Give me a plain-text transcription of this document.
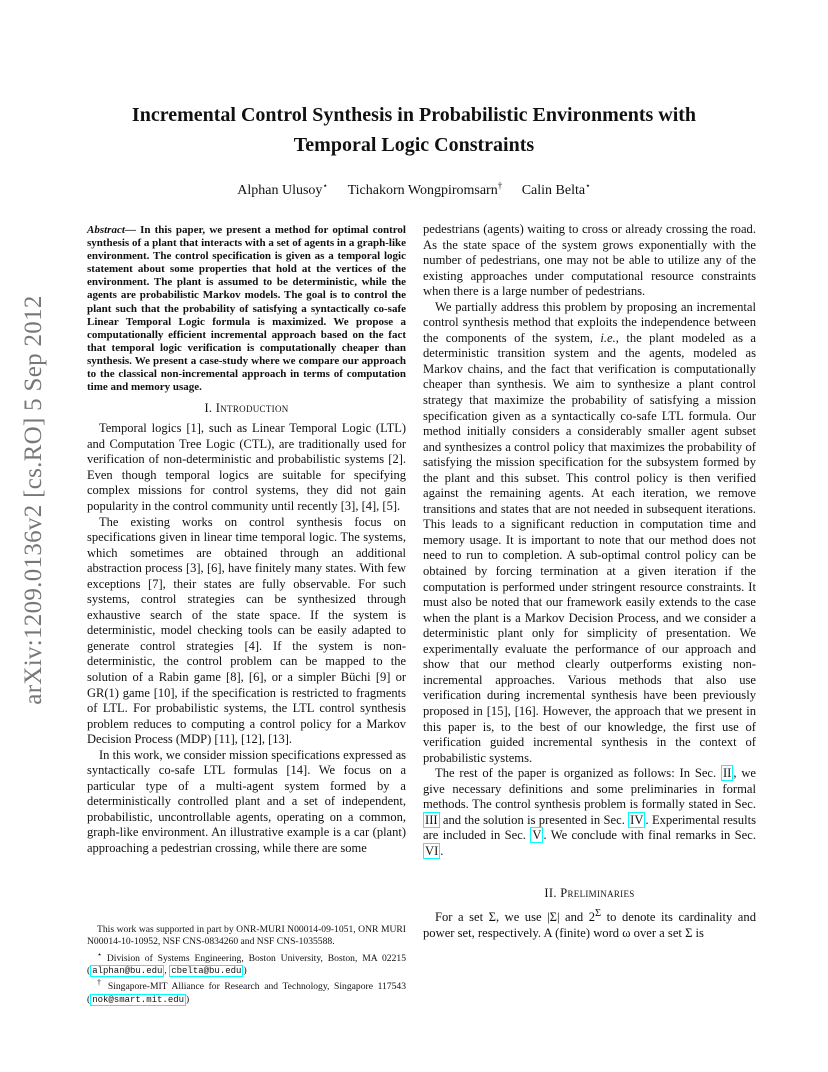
arXiv:1209.0136v2 [cs.RO] 5 Sep 2012
Incremental Control Synthesis in Probabilistic Environments with
Temporal Logic Constraints
Alphan Ulusoy⋆ Tichakorn Wongpiromsarn† Calin Belta⋆

Abstract— In this paper, we present a method for optimal control synthesis of a plant that interacts with a set of agents in a graph-like environment. The control specification is given as a temporal logic statement about some properties that hold at the vertices of the environment. The plant is assumed to be deterministic, while the agents are probabilistic Markov models. The goal is to control the plant such that the probability of satisfying a syntactically co-safe Linear Temporal Logic formula is maximized. We propose a computationally efficient incremental approach based on the fact that temporal logic verification is computationally cheaper than synthesis. We present a case-study where we compare our approach to the classical non-incremental approach in terms of computation time and memory usage.

I. Introduction

Temporal logics [1], such as Linear Temporal Logic (LTL) and Computation Tree Logic (CTL), are traditionally used for verification of non-deterministic and probabilistic systems [2]. Even though temporal logics are suitable for specifying complex missions for control systems, they did not gain popularity in the control community until recently [3], [4], [5].

The existing works on control synthesis focus on specifications given in linear time temporal logic. The systems, which sometimes are obtained through an additional abstraction process [3], [6], have finitely many states. With few exceptions [7], their states are fully observable. For such systems, control strategies can be synthesized through exhaustive search of the state space. If the system is deterministic, model checking tools can be easily adapted to generate control strategies [4]. If the system is non-deterministic, the control problem can be mapped to the solution of a Rabin game [8], [6], or a simpler Büchi [9] or GR(1) game [10], if the specification is restricted to fragments of LTL. For probabilistic systems, the LTL control synthesis problem reduces to computing a control policy for a Markov Decision Process (MDP) [11], [12], [13].

In this work, we consider mission specifications expressed as syntactically co-safe LTL formulas [14]. We focus on a particular type of a multi-agent system formed by a deterministically controlled plant and a set of independent, probabilistic, uncontrollable agents, operating on a common, graph-like environment. An illustrative example is a car (plant) approaching a pedestrian crossing, while there are some

pedestrians (agents) waiting to cross or already crossing the road. As the state space of the system grows exponentially with the number of pedestrians, one may not be able to utilize any of the existing approaches under computational resource constraints when there is a large number of pedestrians.

We partially address this problem by proposing an incremental control synthesis method that exploits the independence between the components of the system, i.e., the plant modeled as a deterministic transition system and the agents, modeled as Markov chains, and the fact that verification is computationally cheaper than synthesis. We aim to synthesize a plant control strategy that maximize the probability of satisfying a mission specification given as a syntactically co-safe LTL formula. Our method initially considers a considerably smaller agent subset and synthesizes a control policy that maximizes the probability of satisfying the mission specification for the subsystem formed by the plant and this subset. This control policy is then verified against the remaining agents. At each iteration, we remove transitions and states that are not needed in subsequent iterations. This leads to a significant reduction in computation time and memory usage. It is important to note that our method does not need to run to completion. A sub-optimal control policy can be obtained by forcing termination at a given iteration if the computation is performed under stringent resource constraints. It must also be noted that our framework easily extends to the case when the plant is a Markov Decision Process, and we consider a deterministic plant only for simplicity of presentation. We experimentally evaluate the performance of our approach and show that our method clearly outperforms existing non-incremental approaches. Various methods that also use verification during incremental synthesis have been previously proposed in [15], [16]. However, the approach that we present in this paper is, to the best of our knowledge, the first use of verification guided incremental synthesis in the context of probabilistic systems.

The rest of the paper is organized as follows: In Sec. II , we give necessary definitions and some preliminaries in formal methods. The control synthesis problem is formally stated in Sec. III and the solution is presented in Sec. IV . Experimental results are included in Sec. V . We conclude with final remarks in Sec. VI .

II. Preliminaries

For a set Σ, we use |Σ| and $2^\Sigma$ to denote its cardinality and power set, respectively. A (finite) word ω over a set Σ is

This work was supported in part by ONR-MURI N00014-09-1051, ONR MURI N00014-10-10952, NSF CNS-0834260 and NSF CNS-1035588.

⋆ Division of Systems Engineering, Boston University, Boston, MA 02215 ( alphan@bu.edu , cbelta@bu.edu )

† Singapore-MIT Alliance for Research and Technology, Singapore 117543 ( nok@smart.mit.edu )
